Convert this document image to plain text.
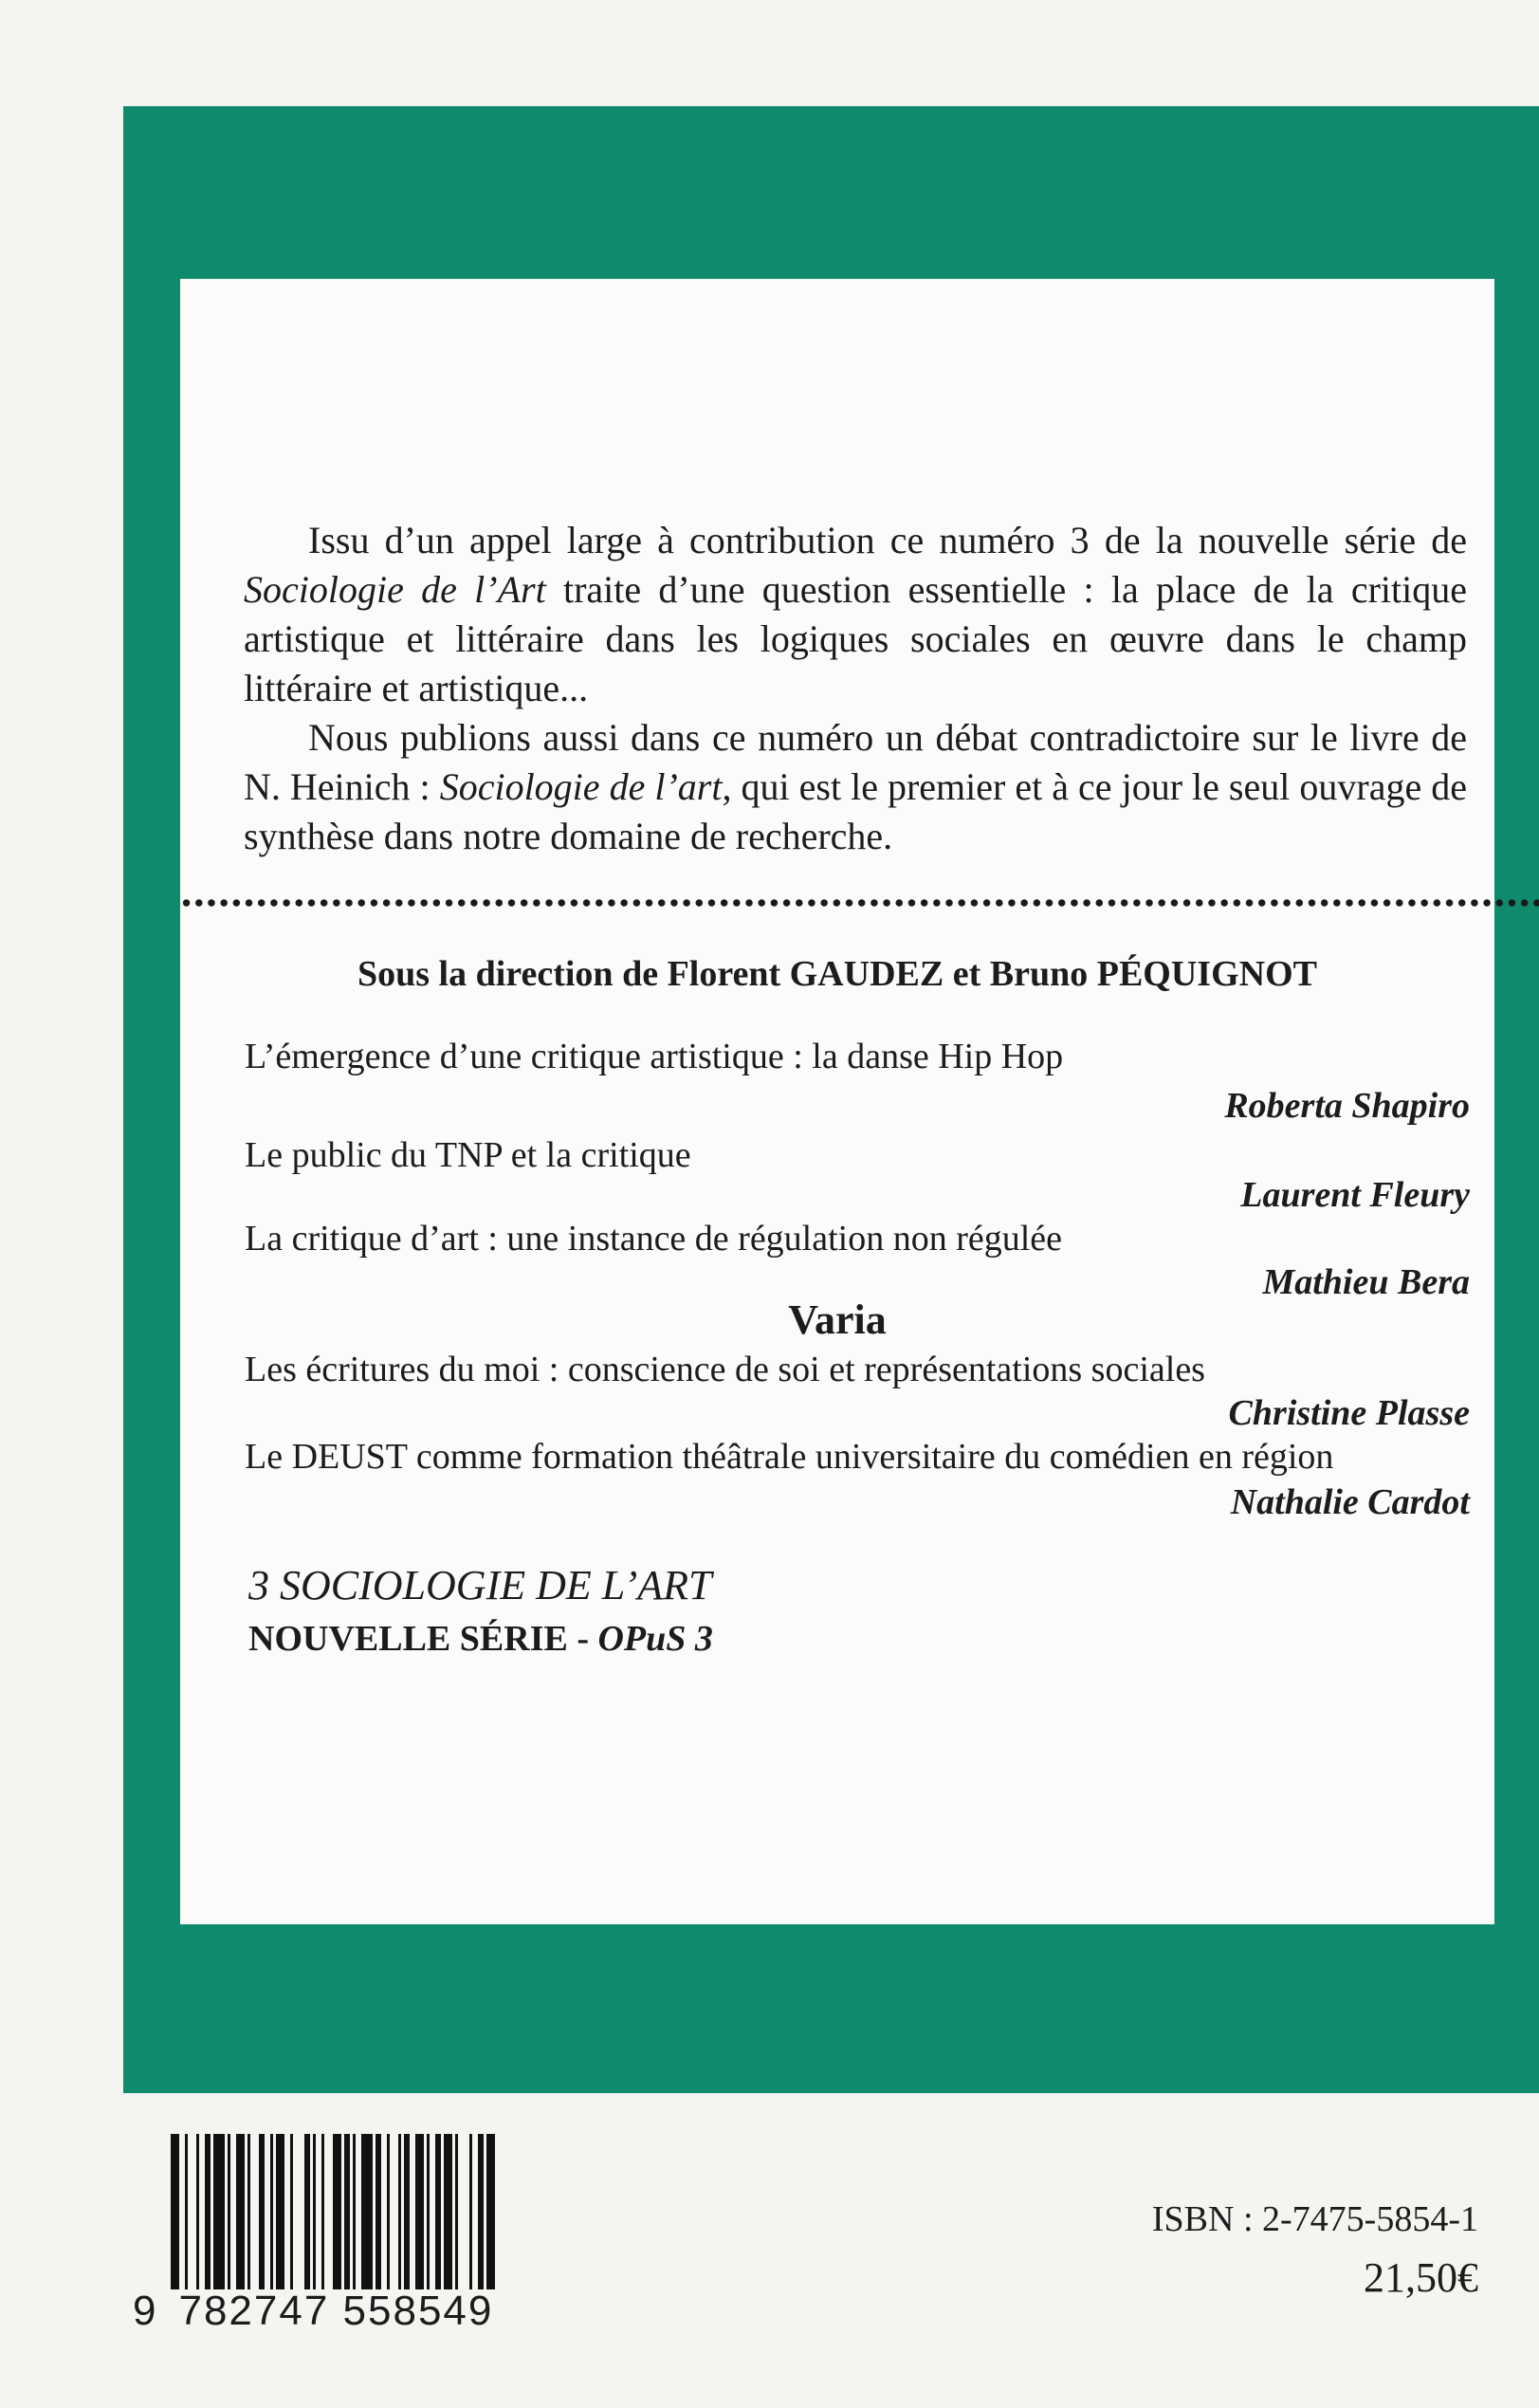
Issu d’un appel large à contribution ce numéro 3 de la nouvelle série de Sociologie de l’Art traite d’une question essentielle : la place de la critique artistique et littéraire dans les logiques sociales en œuvre dans le champ littéraire et artistique...

Nous publions aussi dans ce numéro un débat contradictoire sur le livre de N. Heinich : Sociologie de l’art, qui est le premier et à ce jour le seul ouvrage de synthèse dans notre domaine de recherche.

Sous la direction de Florent GAUDEZ et Bruno PÉQUIGNOT
L’émergence d’une critique artistique : la danse Hip Hop
Roberta Shapiro
Le public du TNP et la critique
Laurent Fleury
La critique d’art : une instance de régulation non régulée
Mathieu Bera
Varia
Les écritures du moi : conscience de soi et représentations sociales
Christine Plasse
Le DEUST comme formation théâtrale universitaire du comédien en région
Nathalie Cardot
3 SOCIOLOGIE DE L’ART
NOUVELLE SÉRIE - OPuS 3
9 782747 558549
ISBN : 2-7475-5854-1
21,50€
